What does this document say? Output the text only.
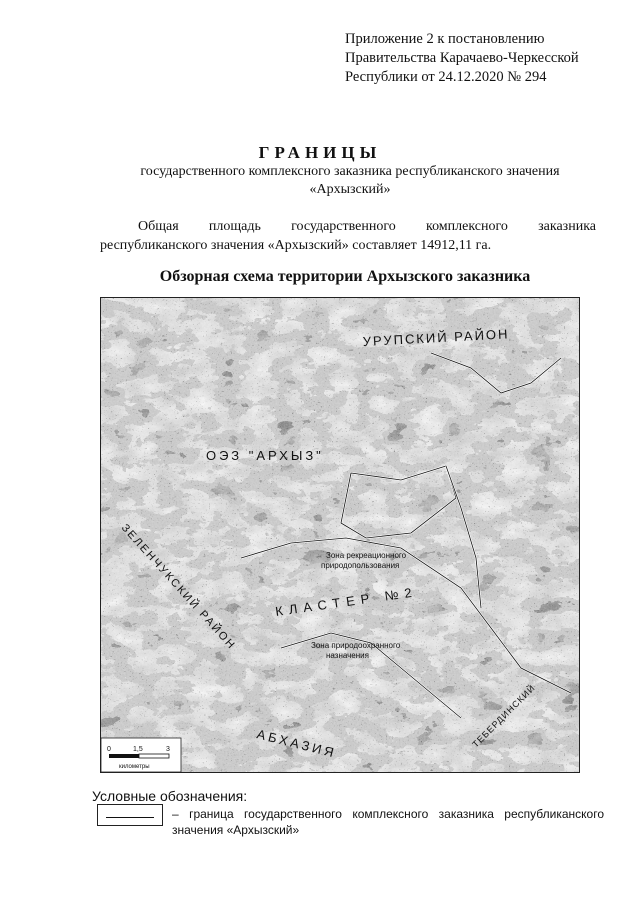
Приложение 2 к постановлению
Правительства Карачаево-Черкесской
Республики от 24.12.2020 № 294
ГРАНИЦЫ
государственного комплексного заказника республиканского значения
«Архызский»
Общая площадь государственного комплексного заказника республиканского значения «Архызский» составляет 14912,11 га.
Обзорная схема территории Архызского заказника
УРУПСКИЙ РАЙОН
ОЭЗ "АРХЫЗ"
КЛАСТЕР №2
Зона рекреационного
природопользования
Зона природоохранного
назначения
АБХАЗИЯ
ЗЕЛЕНЧУКСКИЙ РАЙОН
ТЕБЕРДИНСКИЙ
0	1,5	3
километры
Условные обозначения:
– граница государственного комплексного заказника республиканского значения «Архызский»
